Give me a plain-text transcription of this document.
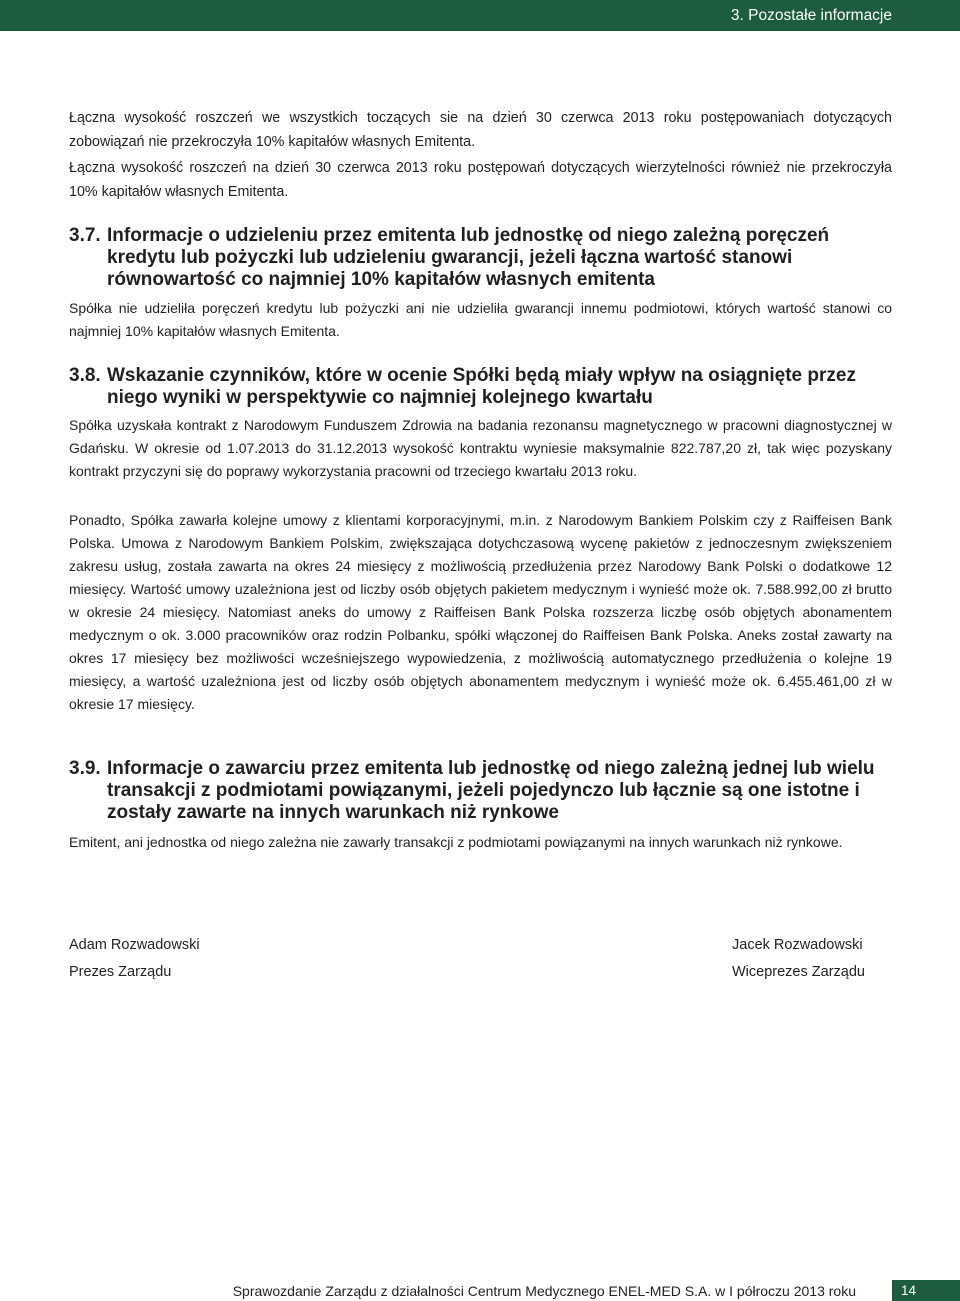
3. Pozostałe informacje

Łączna wysokość roszczeń we wszystkich toczących sie na dzień 30 czerwca 2013 roku postępowaniach dotyczących zobowiązań nie przekroczyła 10% kapitałów własnych Emitenta.

Łączna wysokość roszczeń na dzień 30 czerwca 2013 roku postępowań dotyczących wierzytelności również nie przekroczyła 10% kapitałów własnych Emitenta.

3.7. Informacje o udzieleniu przez emitenta lub jednostkę od niego zależną poręczeń kredytu lub pożyczki lub udzieleniu gwarancji, jeżeli łączna wartość stanowi równowartość co najmniej 10% kapitałów własnych emitenta

Spółka nie udzieliła poręczeń kredytu lub pożyczki ani nie udzieliła gwarancji innemu podmiotowi, których wartość stanowi co najmniej 10% kapitałów własnych Emitenta.

3.8. Wskazanie czynników, które w ocenie Spółki będą miały wpływ na osiągnięte przez niego wyniki w perspektywie co najmniej kolejnego kwartału

Spółka uzyskała kontrakt z Narodowym Funduszem Zdrowia na badania rezonansu magnetycznego w pracowni diagnostycznej w Gdańsku. W okresie od 1.07.2013 do 31.12.2013 wysokość kontraktu wyniesie maksymalnie 822.787,20 zł, tak więc pozyskany kontrakt przyczyni się do poprawy wykorzystania pracowni od trzeciego kwartału 2013 roku.

Ponadto, Spółka zawarła kolejne umowy z klientami korporacyjnymi, m.in. z Narodowym Bankiem Polskim czy z Raiffeisen Bank Polska. Umowa z Narodowym Bankiem Polskim, zwiększająca dotychczasową wycenę pakietów z jednoczesnym zwiększeniem zakresu usług, została zawarta na okres 24 miesięcy z możliwością przedłużenia przez Narodowy Bank Polski o dodatkowe 12 miesięcy. Wartość umowy uzależniona jest od liczby osób objętych pakietem medycznym i wynieść może ok. 7.588.992,00 zł brutto w okresie 24 miesięcy. Natomiast aneks do umowy z Raiffeisen Bank Polska rozszerza liczbę osób objętych abonamentem medycznym o ok. 3.000 pracowników oraz rodzin Polbanku, spółki włączonej do Raiffeisen Bank Polska. Aneks został zawarty na okres 17 miesięcy bez możliwości wcześniejszego wypowiedzenia, z możliwością automatycznego przedłużenia o kolejne 19 miesięcy, a wartość uzależniona jest od liczby osób objętych abonamentem medycznym i wynieść może ok. 6.455.461,00 zł w okresie 17 miesięcy.

3.9. Informacje o zawarciu przez emitenta lub jednostkę od niego zależną jednej lub wielu transakcji z podmiotami powiązanymi, jeżeli pojedynczo lub łącznie są one istotne i zostały zawarte na innych warunkach niż rynkowe

Emitent, ani jednostka od niego zależna nie zawarły transakcji z podmiotami powiązanymi na innych warunkach niż rynkowe.

Adam Rozwadowski
Prezes Zarządu
Jacek Rozwadowski
Wiceprezes Zarządu
Sprawozdanie Zarządu z działalności Centrum Medycznego ENEL-MED S.A. w I półroczu 2013 roku	14
